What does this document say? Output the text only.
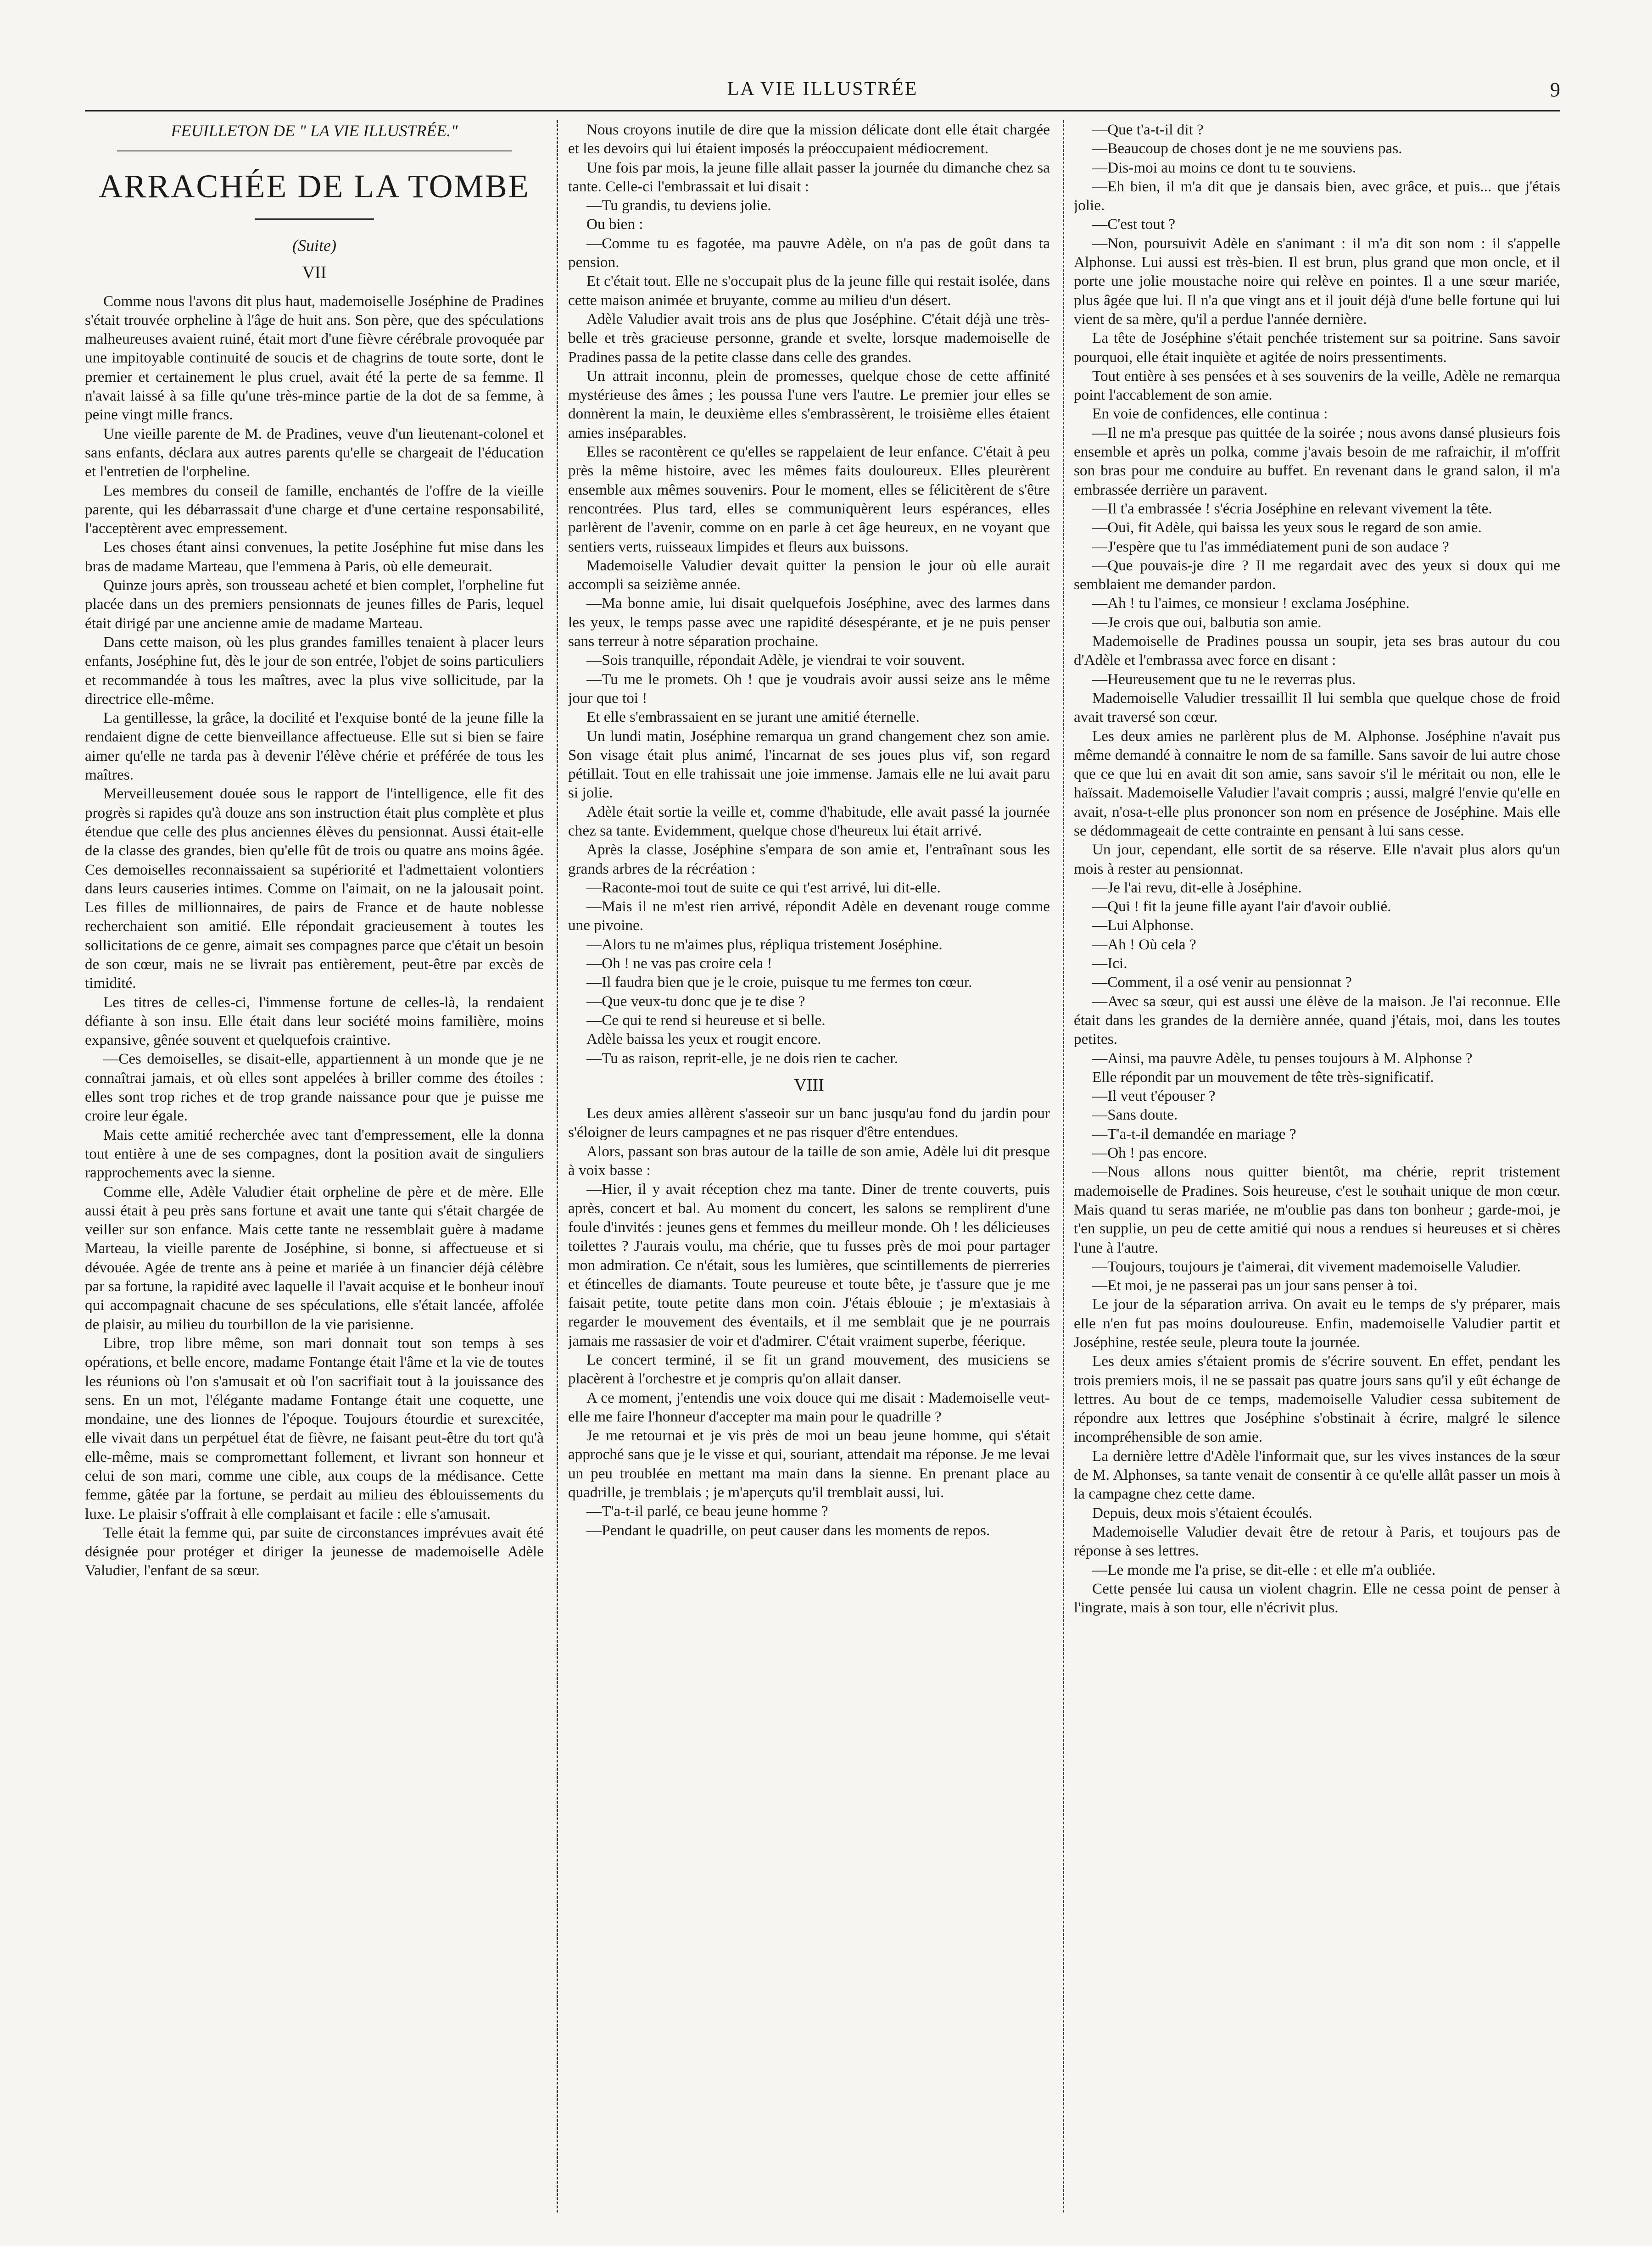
LA VIE ILLUSTRÉE	9

FEUILLETON DE " LA VIE ILLUSTRÉE."

ARRACHÉE DE LA TOMBE

(Suite)

VII

Comme nous l'avons dit plus haut, mademoiselle Joséphine de Pradines s'était trouvée orpheline à l'âge de huit ans. Son père, que des spéculations malheureuses avaient ruiné, était mort d'une fièvre cérébrale provoquée par une impitoyable continuité de soucis et de chagrins de toute sorte, dont le premier et certainement le plus cruel, avait été la perte de sa femme. Il n'avait laissé à sa fille qu'une très-mince partie de la dot de sa femme, à peine vingt mille francs.

Une vieille parente de M. de Pradines, veuve d'un lieutenant-colonel et sans enfants, déclara aux autres parents qu'elle se chargeait de l'éducation et l'entretien de l'orpheline.

Les membres du conseil de famille, enchantés de l'offre de la vieille parente, qui les débarrassait d'une charge et d'une certaine responsabilité, l'acceptèrent avec empressement.

Les choses étant ainsi convenues, la petite Joséphine fut mise dans les bras de madame Marteau, que l'emmena à Paris, où elle demeurait.

Quinze jours après, son trousseau acheté et bien complet, l'orpheline fut placée dans un des premiers pensionnats de jeunes filles de Paris, lequel était dirigé par une ancienne amie de madame Marteau.

Dans cette maison, où les plus grandes familles tenaient à placer leurs enfants, Joséphine fut, dès le jour de son entrée, l'objet de soins particuliers et recommandée à tous les maîtres, avec la plus vive sollicitude, par la directrice elle-même.

La gentillesse, la grâce, la docilité et l'exquise bonté de la jeune fille la rendaient digne de cette bienveillance affectueuse. Elle sut si bien se faire aimer qu'elle ne tarda pas à devenir l'élève chérie et préférée de tous les maîtres.

Merveilleusement douée sous le rapport de l'intelligence, elle fit des progrès si rapides qu'à douze ans son instruction était plus complète et plus étendue que celle des plus anciennes élèves du pensionnat. Aussi était-elle de la classe des grandes, bien qu'elle fût de trois ou quatre ans moins âgée. Ces demoiselles reconnaissaient sa supériorité et l'admettaient volontiers dans leurs causeries intimes. Comme on l'aimait, on ne la jalousait point. Les filles de millionnaires, de pairs de France et de haute noblesse recherchaient son amitié. Elle répondait gracieusement à toutes les sollicitations de ce genre, aimait ses compagnes parce que c'était un besoin de son cœur, mais ne se livrait pas entièrement, peut-être par excès de timidité.

Les titres de celles-ci, l'immense fortune de celles-là, la rendaient défiante à son insu. Elle était dans leur société moins familière, moins expansive, gênée souvent et quelquefois craintive.

—Ces demoiselles, se disait-elle, appartiennent à un monde que je ne connaîtrai jamais, et où elles sont appelées à briller comme des étoiles : elles sont trop riches et de trop grande naissance pour que je puisse me croire leur égale.

Mais cette amitié recherchée avec tant d'empressement, elle la donna tout entière à une de ses compagnes, dont la position avait de singuliers rapprochements avec la sienne.

Comme elle, Adèle Valudier était orpheline de père et de mère. Elle aussi était à peu près sans fortune et avait une tante qui s'était chargée de veiller sur son enfance. Mais cette tante ne ressemblait guère à madame Marteau, la vieille parente de Joséphine, si bonne, si affectueuse et si dévouée. Agée de trente ans à peine et mariée à un financier déjà célèbre par sa fortune, la rapidité avec laquelle il l'avait acquise et le bonheur inouï qui accompagnait chacune de ses spéculations, elle s'était lancée, affolée de plaisir, au milieu du tourbillon de la vie parisienne.

Libre, trop libre même, son mari donnait tout son temps à ses opérations, et belle encore, madame Fontange était l'âme et la vie de toutes les réunions où l'on s'amusait et où l'on sacrifiait tout à la jouissance des sens. En un mot, l'élégante madame Fontange était une coquette, une mondaine, une des lionnes de l'époque. Toujours étourdie et surexcitée, elle vivait dans un perpétuel état de fièvre, ne faisant peut-être du tort qu'à elle-même, mais se compromettant follement, et livrant son honneur et celui de son mari, comme une cible, aux coups de la médisance. Cette femme, gâtée par la fortune, se perdait au milieu des éblouissements du luxe. Le plaisir s'offrait à elle complaisant et facile : elle s'amusait.

Telle était la femme qui, par suite de circonstances imprévues avait été désignée pour protéger et diriger la jeunesse de mademoiselle Adèle Valudier, l'enfant de sa sœur.

Nous croyons inutile de dire que la mission délicate dont elle était chargée et les devoirs qui lui étaient imposés la préoccupaient médiocrement.

Une fois par mois, la jeune fille allait passer la journée du dimanche chez sa tante. Celle-ci l'embrassait et lui disait :

—Tu grandis, tu deviens jolie.

Ou bien :

—Comme tu es fagotée, ma pauvre Adèle, on n'a pas de goût dans ta pension.

Et c'était tout. Elle ne s'occupait plus de la jeune fille qui restait isolée, dans cette maison animée et bruyante, comme au milieu d'un désert.

Adèle Valudier avait trois ans de plus que Joséphine. C'était déjà une très-belle et très gracieuse personne, grande et svelte, lorsque mademoiselle de Pradines passa de la petite classe dans celle des grandes.

Un attrait inconnu, plein de promesses, quelque chose de cette affinité mystérieuse des âmes ; les poussa l'une vers l'autre. Le premier jour elles se donnèrent la main, le deuxième elles s'embrassèrent, le troisième elles étaient amies inséparables.

Elles se racontèrent ce qu'elles se rappelaient de leur enfance. C'était à peu près la même histoire, avec les mêmes faits douloureux. Elles pleurèrent ensemble aux mêmes souvenirs. Pour le moment, elles se félicitèrent de s'être rencontrées. Plus tard, elles se communiquèrent leurs espérances, elles parlèrent de l'avenir, comme on en parle à cet âge heureux, en ne voyant que sentiers verts, ruisseaux limpides et fleurs aux buissons.

Mademoiselle Valudier devait quitter la pension le jour où elle aurait accompli sa seizième année.

—Ma bonne amie, lui disait quelquefois Joséphine, avec des larmes dans les yeux, le temps passe avec une rapidité désespérante, et je ne puis penser sans terreur à notre séparation prochaine.

—Sois tranquille, répondait Adèle, je viendrai te voir souvent.

—Tu me le promets. Oh ! que je voudrais avoir aussi seize ans le même jour que toi !

Et elle s'embrassaient en se jurant une amitié éternelle.

Un lundi matin, Joséphine remarqua un grand changement chez son amie. Son visage était plus animé, l'incarnat de ses joues plus vif, son regard pétillait. Tout en elle trahissait une joie immense. Jamais elle ne lui avait paru si jolie.

Adèle était sortie la veille et, comme d'habitude, elle avait passé la journée chez sa tante. Evidemment, quelque chose d'heureux lui était arrivé.

Après la classe, Joséphine s'empara de son amie et, l'entraînant sous les grands arbres de la récréation :

—Raconte-moi tout de suite ce qui t'est arrivé, lui dit-elle.

—Mais il ne m'est rien arrivé, répondit Adèle en devenant rouge comme une pivoine.

—Alors tu ne m'aimes plus, répliqua tristement Joséphine.

—Oh ! ne vas pas croire cela !

—Il faudra bien que je le croie, puisque tu me fermes ton cœur.

—Que veux-tu donc que je te dise ?

—Ce qui te rend si heureuse et si belle.

Adèle baissa les yeux et rougit encore.

—Tu as raison, reprit-elle, je ne dois rien te cacher.

VIII

Les deux amies allèrent s'asseoir sur un banc jusqu'au fond du jardin pour s'éloigner de leurs campagnes et ne pas risquer d'être entendues.

Alors, passant son bras autour de la taille de son amie, Adèle lui dit presque à voix basse :

—Hier, il y avait réception chez ma tante. Diner de trente couverts, puis après, concert et bal. Au moment du concert, les salons se remplirent d'une foule d'invités : jeunes gens et femmes du meilleur monde. Oh ! les délicieuses toilettes ? J'aurais voulu, ma chérie, que tu fusses près de moi pour partager mon admiration. Ce n'était, sous les lumières, que scintillements de pierreries et étincelles de diamants. Toute peureuse et toute bête, je t'assure que je me faisait petite, toute petite dans mon coin. J'étais éblouie ; je m'extasiais à regarder le mouvement des éventails, et il me semblait que je ne pourrais jamais me rassasier de voir et d'admirer. C'était vraiment superbe, féerique.

Le concert terminé, il se fit un grand mouvement, des musiciens se placèrent à l'orchestre et je compris qu'on allait danser.

A ce moment, j'entendis une voix douce qui me disait : Mademoiselle veut-elle me faire l'honneur d'accepter ma main pour le quadrille ?

Je me retournai et je vis près de moi un beau jeune homme, qui s'était approché sans que je le visse et qui, souriant, attendait ma réponse. Je me levai un peu troublée en mettant ma main dans la sienne. En prenant place au quadrille, je tremblais ; je m'aperçuts qu'il tremblait aussi, lui.

—T'a-t-il parlé, ce beau jeune homme ?

—Pendant le quadrille, on peut causer dans les moments de repos.

—Que t'a-t-il dit ?

—Beaucoup de choses dont je ne me souviens pas.

—Dis-moi au moins ce dont tu te souviens.

—Eh bien, il m'a dit que je dansais bien, avec grâce, et puis... que j'étais jolie.

—C'est tout ?

—Non, poursuivit Adèle en s'animant : il m'a dit son nom : il s'appelle Alphonse. Lui aussi est très-bien. Il est brun, plus grand que mon oncle, et il porte une jolie moustache noire qui relève en pointes. Il a une sœur mariée, plus âgée que lui. Il n'a que vingt ans et il jouit déjà d'une belle fortune qui lui vient de sa mère, qu'il a perdue l'année dernière.

La tête de Joséphine s'était penchée tristement sur sa poitrine. Sans savoir pourquoi, elle était inquiète et agitée de noirs pressentiments.

Tout entière à ses pensées et à ses souvenirs de la veille, Adèle ne remarqua point l'accablement de son amie.

En voie de confidences, elle continua :

—Il ne m'a presque pas quittée de la soirée ; nous avons dansé plusieurs fois ensemble et après un polka, comme j'avais besoin de me rafraichir, il m'offrit son bras pour me conduire au buffet. En revenant dans le grand salon, il m'a embrassée derrière un paravent.

—Il t'a embrassée ! s'écria Joséphine en relevant vivement la tête.

—Oui, fit Adèle, qui baissa les yeux sous le regard de son amie.

—J'espère que tu l'as immédiatement puni de son audace ?

—Que pouvais-je dire ? Il me regardait avec des yeux si doux qui me semblaient me demander pardon.

—Ah ! tu l'aimes, ce monsieur ! exclama Joséphine.

—Je crois que oui, balbutia son amie.

Mademoiselle de Pradines poussa un soupir, jeta ses bras autour du cou d'Adèle et l'embrassa avec force en disant :

—Heureusement que tu ne le reverras plus.

Mademoiselle Valudier tressaillit Il lui sembla que quelque chose de froid avait traversé son cœur.

Les deux amies ne parlèrent plus de M. Alphonse. Joséphine n'avait pus même demandé à connaitre le nom de sa famille. Sans savoir de lui autre chose que ce que lui en avait dit son amie, sans savoir s'il le méritait ou non, elle le haïssait. Mademoiselle Valudier l'avait compris ; aussi, malgré l'envie qu'elle en avait, n'osa-t-elle plus prononcer son nom en présence de Joséphine. Mais elle se dédommageait de cette contrainte en pensant à lui sans cesse.

Un jour, cependant, elle sortit de sa réserve. Elle n'avait plus alors qu'un mois à rester au pensionnat.

—Je l'ai revu, dit-elle à Joséphine.

—Qui ! fit la jeune fille ayant l'air d'avoir oublié.

—Lui Alphonse.

—Ah ! Où cela ?

—Ici.

—Comment, il a osé venir au pensionnat ?

—Avec sa sœur, qui est aussi une élève de la maison. Je l'ai reconnue. Elle était dans les grandes de la dernière année, quand j'étais, moi, dans les toutes petites.

—Ainsi, ma pauvre Adèle, tu penses toujours à M. Alphonse ?

Elle répondit par un mouvement de tête très-significatif.

—Il veut t'épouser ?

—Sans doute.

—T'a-t-il demandée en mariage ?

—Oh ! pas encore.

—Nous allons nous quitter bientôt, ma chérie, reprit tristement mademoiselle de Pradines. Sois heureuse, c'est le souhait unique de mon cœur. Mais quand tu seras mariée, ne m'oublie pas dans ton bonheur ; garde-moi, je t'en supplie, un peu de cette amitié qui nous a rendues si heureuses et si chères l'une à l'autre.

—Toujours, toujours je t'aimerai, dit vivement mademoiselle Valudier.

—Et moi, je ne passerai pas un jour sans penser à toi.

Le jour de la séparation arriva. On avait eu le temps de s'y préparer, mais elle n'en fut pas moins douloureuse. Enfin, mademoiselle Valudier partit et Joséphine, restée seule, pleura toute la journée.

Les deux amies s'étaient promis de s'écrire souvent. En effet, pendant les trois premiers mois, il ne se passait pas quatre jours sans qu'il y eût échange de lettres. Au bout de ce temps, mademoiselle Valudier cessa subitement de répondre aux lettres que Joséphine s'obstinait à écrire, malgré le silence incompréhensible de son amie.

La dernière lettre d'Adèle l'informait que, sur les vives instances de la sœur de M. Alphonses, sa tante venait de consentir à ce qu'elle allât passer un mois à la campagne chez cette dame.

Depuis, deux mois s'étaient écoulés.

Mademoiselle Valudier devait être de retour à Paris, et toujours pas de réponse à ses lettres.

—Le monde me l'a prise, se dit-elle : et elle m'a oubliée.

Cette pensée lui causa un violent chagrin. Elle ne cessa point de penser à l'ingrate, mais à son tour, elle n'écrivit plus.
